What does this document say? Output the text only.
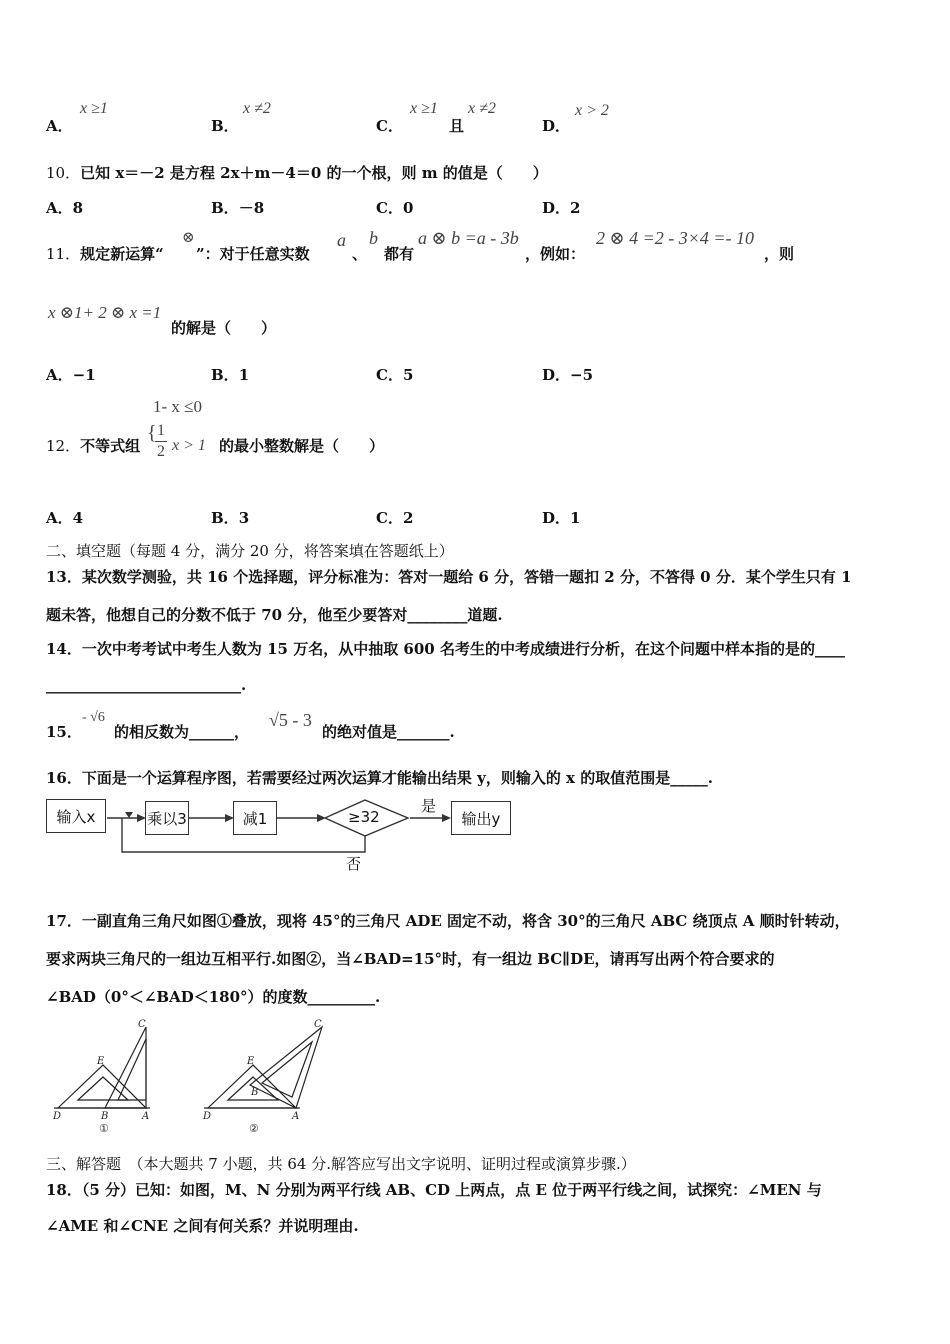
A．
x ≥1
B．
x ≠2
C．
x ≥1
且
x ≠2
D．
x > 2
10．已知 x＝－2 是方程 2x＋m－4＝0 的一个根，则 m 的值是（　　）
A．8	B．－8	C．0	D．2
11．规定新运算“
⊗
”：对于任意实数
a
、
b
都有
a ⊗ b =a - 3b
，例如：
2 ⊗ 4 =2 - 3×4 =- 10
，则
x ⊗1+ 2 ⊗ x =1
的解是（　　）
A．−1	B．1	C．5	D．−5
1- x ≤0
12．不等式组
{
$\frac{1}{2}$ x > 1 的最小整数解是（　　）
A．4	B．3	C．2	D．1
二、填空题（每题 4 分，满分 20 分，将答案填在答题纸上）
13．某次数学测验，共 16 个选择题，评分标准为：答对一题给 6 分，答错一题扣 2 分，不答得 0 分．某个学生只有 1
题未答，他想自己的分数不低于 70 分，他至少要答对________道题.
14．一次中考考试中考生人数为 15 万名，从中抽取 600 名考生的中考成绩进行分析，在这个问题中样本指的是的____
__________________________.
15．
- √6
的相反数为______，
√5 - 3
的绝对值是_______.
16．下面是一个运算程序图，若需要经过两次运算才能输出结果 y，则输入的 x 的取值范围是_____.
输入x	乘以3	减1	≥32
是
否
输出y
17．一副直角三角尺如图①叠放，现将 45°的三角尺 ADE 固定不动，将含 30°的三角尺 ABC 绕顶点 A 顺时针转动，
要求两块三角尺的一组边互相平行.如图②，当∠BAD=15°时，有一组边 BC∥DE，请再写出两个符合要求的
∠BAD（0°＜∠BAD＜180°）的度数_________.
C
E
D	B	A
①
C
E
D
B
A
②
三、解答题　（本大题共 7 小题，共 64 分.解答应写出文字说明、证明过程或演算步骤.）
18．（5 分）已知：如图，M、N 分别为两平行线 AB、CD 上两点，点 E 位于两平行线之间，试探究：∠MEN 与
∠AME 和∠CNE 之间有何关系？并说明理由.
